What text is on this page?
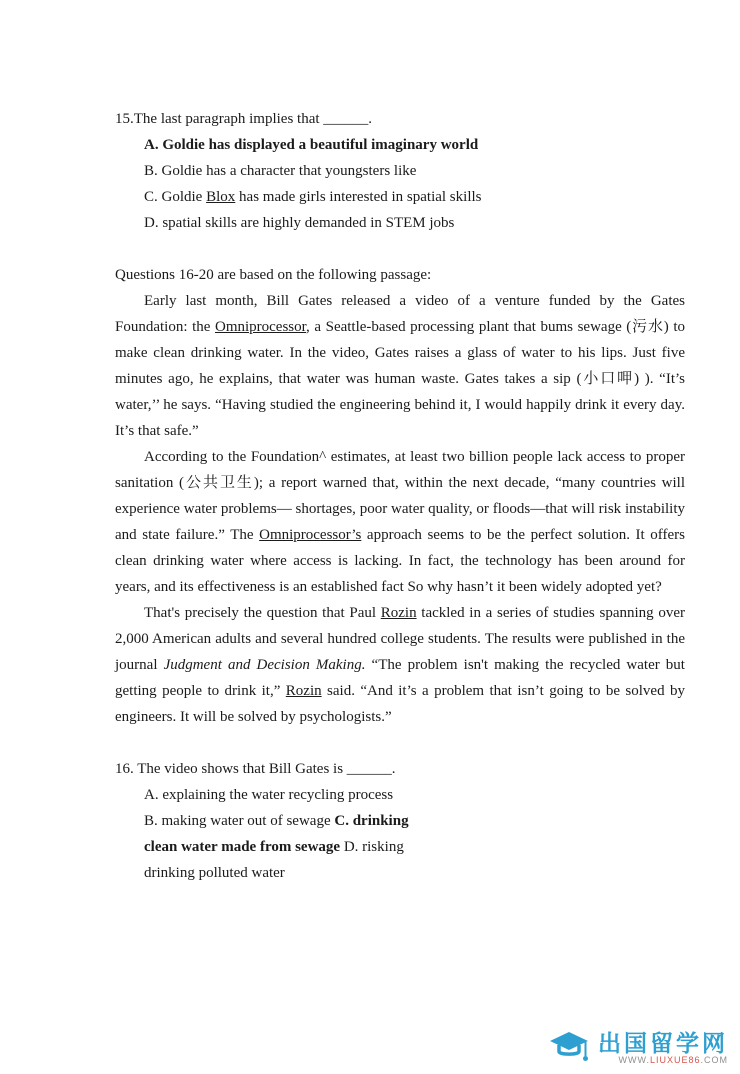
15.The last paragraph implies that ______.

A. Goldie has displayed a beautiful imaginary world

B. Goldie has a character that youngsters like

C. Goldie Blox has made girls interested in spatial skills

D. spatial skills are highly demanded in STEM jobs

Questions 16-20 are based on the following passage:

Early last month, Bill Gates released a video of a venture funded by the Gates Foundation: the Omniprocessor, a Seattle-based processing plant that bums sewage (污水) to make clean drinking water. In the video, Gates raises a glass of water to his lips. Just five minutes ago, he explains, that water was human waste. Gates takes a sip (小口呷) ). “It’s water,’’ he says. “Having studied the engineering behind it, I would happily drink it every day. It’s that safe.”

According to the Foundation^ estimates, at least two billion people lack access to proper sanitation (公共卫生); a report warned that, within the next decade, “many countries will experience water problems— shortages, poor water quality, or floods—that will risk instability and state failure.” The Omniprocessor’s approach seems to be the perfect solution. It offers clean drinking water where access is lacking. In fact, the technology has been around for years, and its effectiveness is an established fact So why hasn’t it been widely adopted yet?

That's precisely the question that Paul Rozin tackled in a series of studies spanning over 2,000 American adults and several hundred college students. The results were published in the journal Judgment and Decision Making. “The problem isn't making the recycled water but getting people to drink it,” Rozin said. “And it’s a problem that isn’t going to be solved by engineers. It will be solved by psychologists.”

16. The video shows that Bill Gates is ______.

A. explaining the water recycling process

B. making water out of sewage C. drinking

clean water made from sewage D. risking

drinking polluted water

出国留学网
WWW.LIUXUE86.COM
